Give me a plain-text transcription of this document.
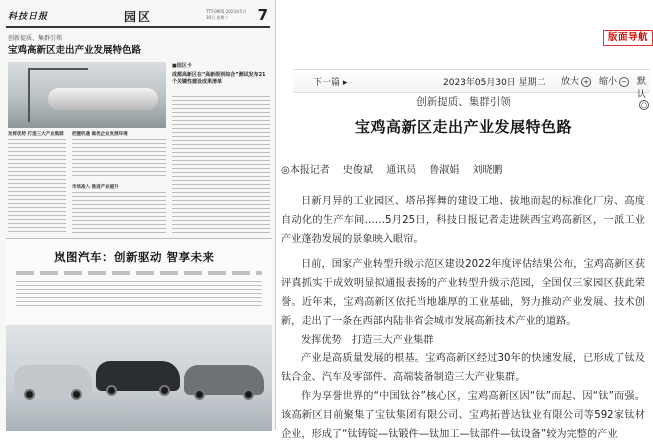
科技日报	园区	TTT-0905 2023年5月30日 星期二	7
创新提质、集群引领
宝鸡高新区走出产业发展特色路
发挥优势 打造三大产业集群 把握机遇 做优企业发展环境
市场准入 推进产业提升
■园区卡
成都高新区在“高新级别综合”测试发布21个关键性建设成果清单
岚图汽车：创新驱动 智享未来
版面导航
下一篇 ▸	2023年05月30日 星期二 放大 + 缩小 − 默认○
创新提质、集群引领
宝鸡高新区走出产业发展特色路
◎本报记者 史俊斌 通讯员 鲁淑娟 刘晓鹏

日新月异的工业园区、塔吊挥舞的建设工地、拔地而起的标准化厂房、高度自动化的生产车间……5月25日，科技日报记者走进陕西宝鸡高新区，一派工业产业蓬勃发展的景象映入眼帘。

日前，国家产业转型升级示范区建设2022年度评估结果公布，宝鸡高新区获评真抓实干成效明显拟通报表扬的产业转型升级示范园，全国仅三家园区获此荣誉。近年来，宝鸡高新区依托当地雄厚的工业基础，努力推动产业发展、技术创新，走出了一条在西部内陆非省会城市发展高新技术产业的道路。

发挥优势　打造三大产业集群

产业是高质量发展的根基。宝鸡高新区经过30年的快速发展，已形成了钛及钛合金、汽车及零部件、高端装备制造三大产业集群。

作为享誉世界的“中国钛谷”核心区，宝鸡高新区因“钛”而起、因“钛”而强。该高新区目前聚集了宝钛集团有限公司、宝鸡拓普达钛业有限公司等592家钛材企业，形成了“钛铸锭—钛锻件—钛加工—钛部件—钛设备”较为完整的产业
